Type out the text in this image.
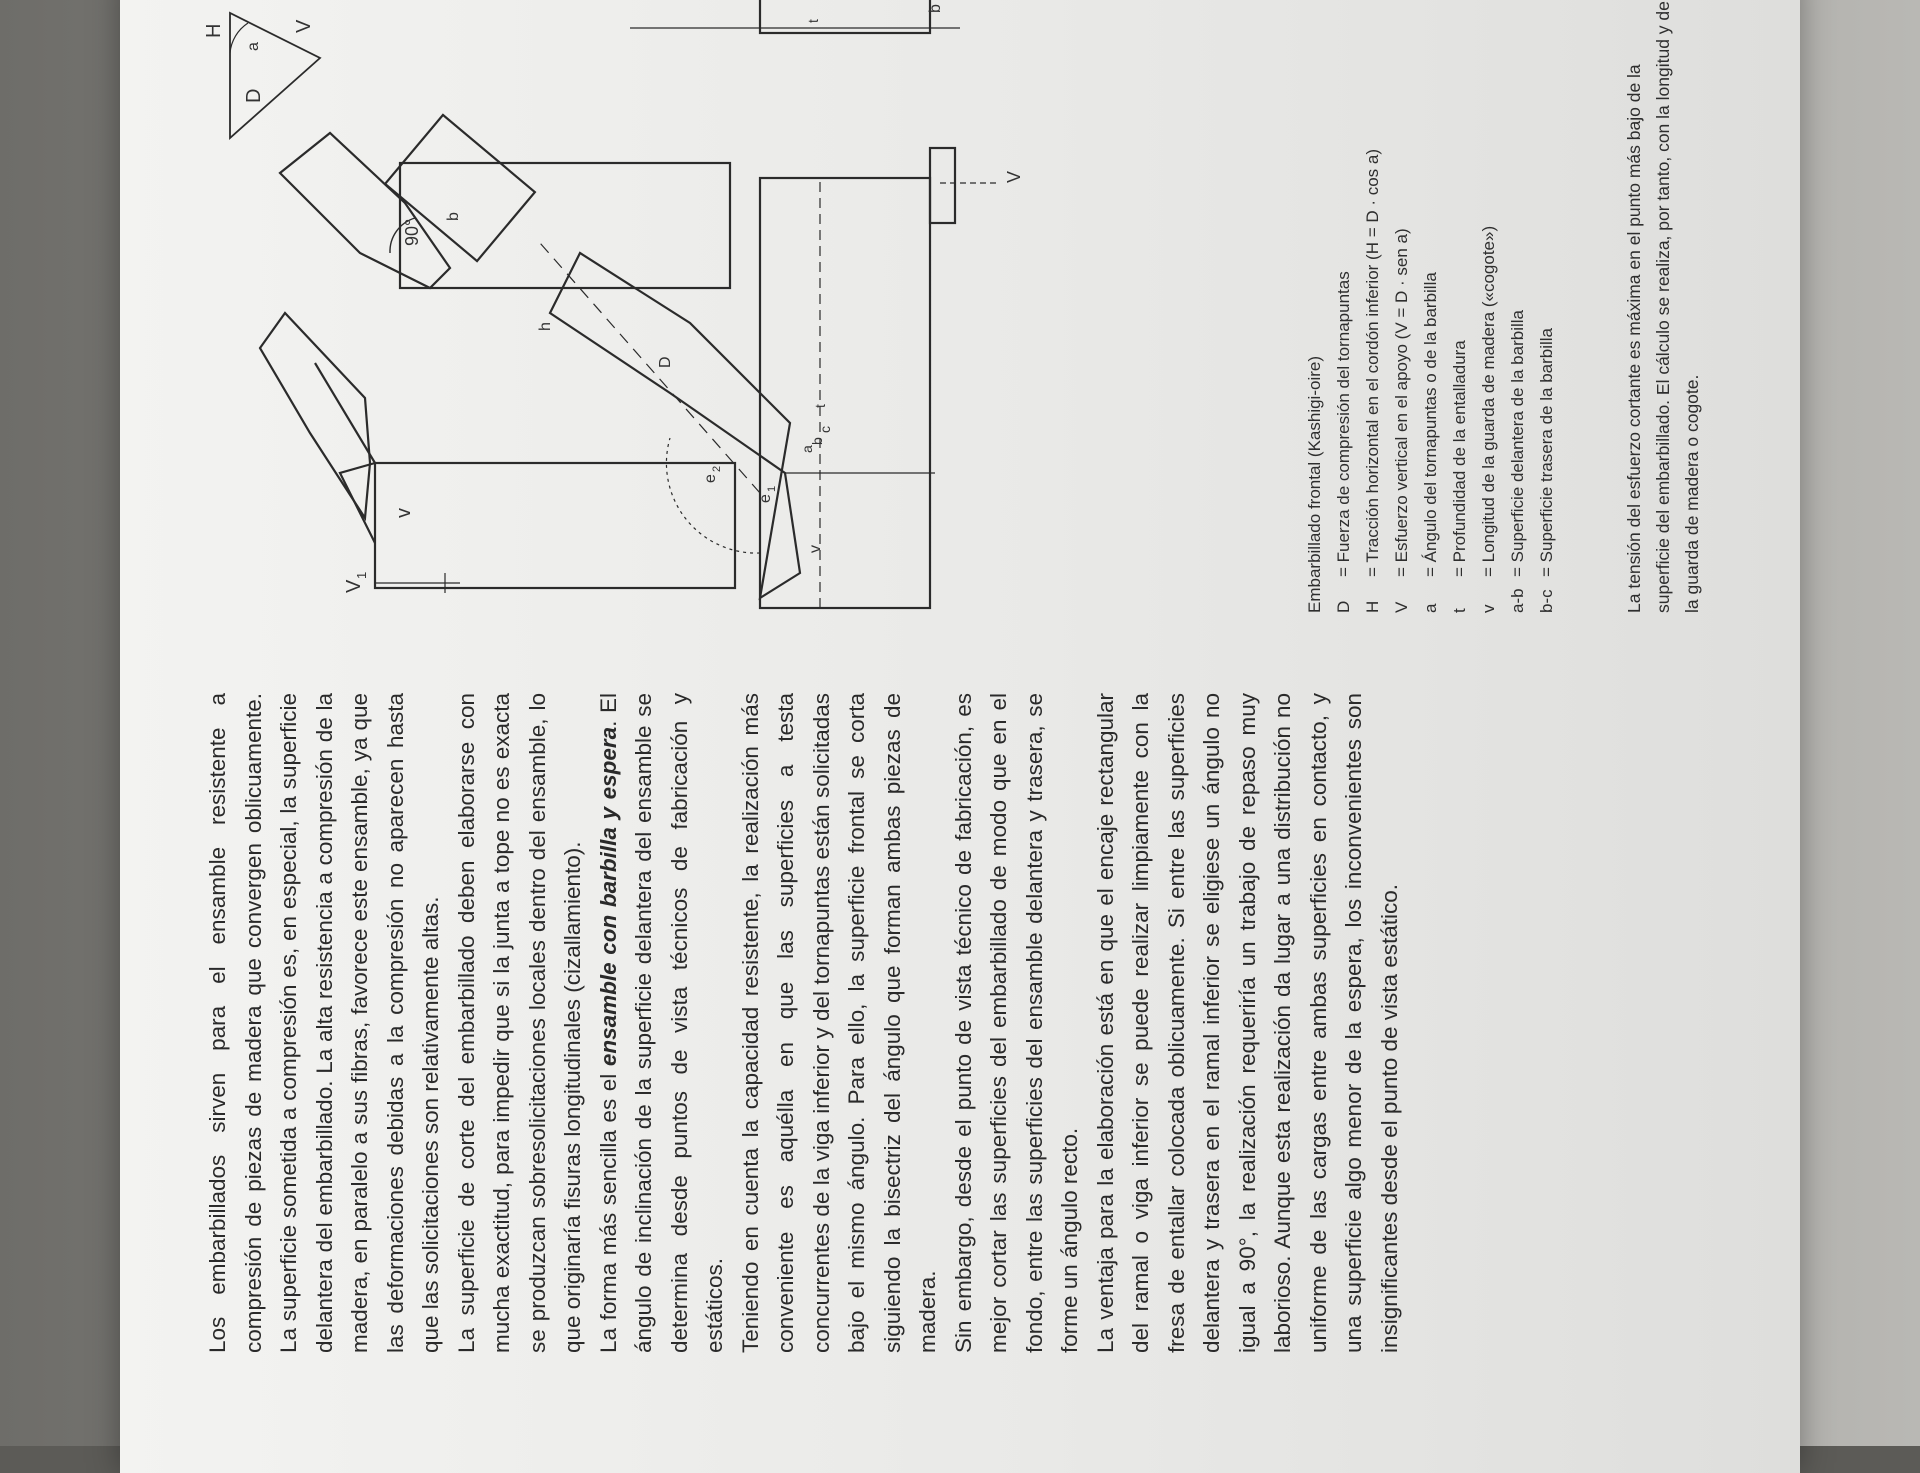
Los embarbillados sirven para el ensamble resistente a compresión de piezas de madera que convergen oblicuamente. La superficie sometida a compresión es, en especial, la superficie delantera del embarbillado. La alta resistencia a compresión de la madera, en paralelo a sus fibras, favorece este ensamble, ya que las deformaciones debidas a la compresión no aparecen hasta que las solicitaciones son relativamente altas. La superficie de corte del embarbillado deben elaborarse con mucha exactitud, para impedir que si la junta a tope no es exacta se produzcan sobresolicitaciones locales dentro del ensamble, lo que originaría fisuras longitudinales (cizallamiento). La forma más sencilla es el ensamble con barbilla y espera. El ángulo de inclinación de la superficie delantera del ensamble se determina desde puntos de vista técnicos de fabricación y estáticos. Teniendo en cuenta la capacidad resistente, la realización más conveniente es aquélla en que las superficies a testa concurrentes de la viga inferior y del tornapuntas están solicitadas bajo el mismo ángulo. Para ello, la superficie frontal se corta siguiendo la bisectriz del ángulo que forman ambas piezas de madera. Sin embargo, desde el punto de vista técnico de fabricación, es mejor cortar las superficies del embarbillado de modo que en el fondo, entre las superficies del ensamble delantera y trasera, se forme un ángulo recto. La ventaja para la elaboración está en que el encaje rectangular del ramal o viga inferior se puede realizar limpiamente con la fresa de entallar colocada oblicuamente. Si entre las superficies delantera y trasera en el ramal inferior se eligiese un ángulo no igual a 90°, la realización requeriría un trabajo de repaso muy laborioso. Aunque esta realización da lugar a una distribución no uniforme de las cargas entre ambas superficies en contacto, y una superficie algo menor de la espera, los inconvenientes son insignificantes desde el punto de vista estático.

V
1
v
90°
a
D
V
H
h
b
b
D
e
1
e
2
a
b
c
t
t
v
V
Embarbillado frontal (Kashigi-oire) D
= Fuerza de compresión del tornapuntas
H
= Tracción horizontal en el cordón inferior (H = D · cos a)
V
= Esfuerzo vertical en el apoyo (V = D · sen a)
a
= Ángulo del tornapuntas o de la barbilla
t
= Profundidad de la entalladura
v
= Longitud de la guarda de madera («cogote»)
a-b
= Superficie delantera de la barbilla
b-c
= Superficie trasera de la barbilla	La tensión del esfuerzo cortante es máxima en el punto más bajo de la superficie del embarbillado. El cálculo se realiza, por tanto, con la longitud y de la guarda de madera o cogote.
